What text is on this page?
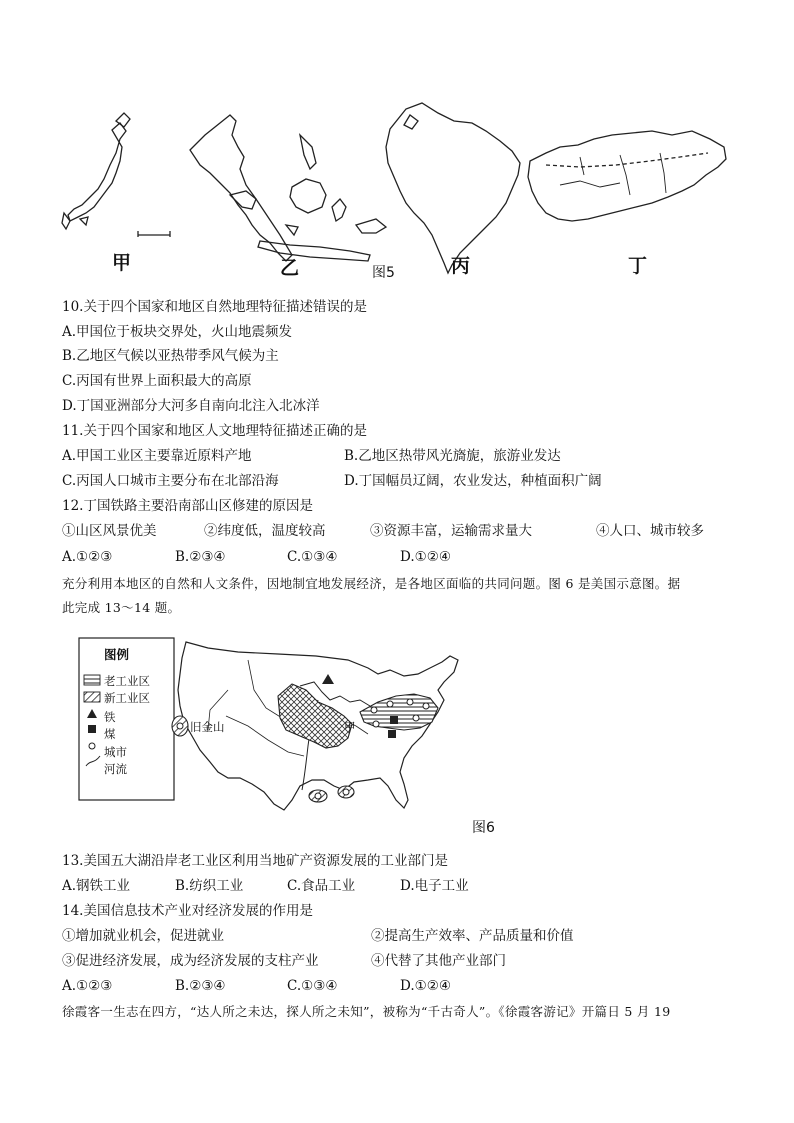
甲	乙	图5	丙	丁
10.关于四个国家和地区自然地理特征描述错误的是
A.甲国位于板块交界处，火山地震频发
B.乙地区气候以亚热带季风气候为主
C.丙国有世界上面积最大的高原
D.丁国亚洲部分大河多自南向北注入北冰洋
11.关于四个国家和地区人文地理特征描述正确的是
A.甲国工业区主要靠近原料产地	B.乙地区热带风光旖旎，旅游业发达
C.丙国人口城市主要分布在北部沿海	D.丁国幅员辽阔，农业发达，种植面积广阔
12.丁国铁路主要沿南部山区修建的原因是
①山区风景优美	②纬度低，温度较高	③资源丰富，运输需求量大	④人口、城市较多
A.①②③	B.②③④	C.①③④	D.①②④
充分利用本地区的自然和人文条件，因地制宜地发展经济，是各地区面临的共同问题。图 6 是美国示意图。据
此完成 13～14 题。
图例
老工业区
新工业区
铁
煤
城市
河流
旧金山	甲
图6
13.美国五大湖沿岸老工业区利用当地矿产资源发展的工业部门是
A.钢铁工业	B.纺织工业	C.食品工业	D.电子工业
14.美国信息技术产业对经济发展的作用是
①增加就业机会，促进就业	②提高生产效率、产品质量和价值
③促进经济发展，成为经济发展的支柱产业	④代替了其他产业部门
A.①②③	B.②③④	C.①③④	D.①②④
徐霞客一生志在四方，“达人所之未达，探人所之未知”，被称为“千古奇人”。《徐霞客游记》开篇日 5 月 19
